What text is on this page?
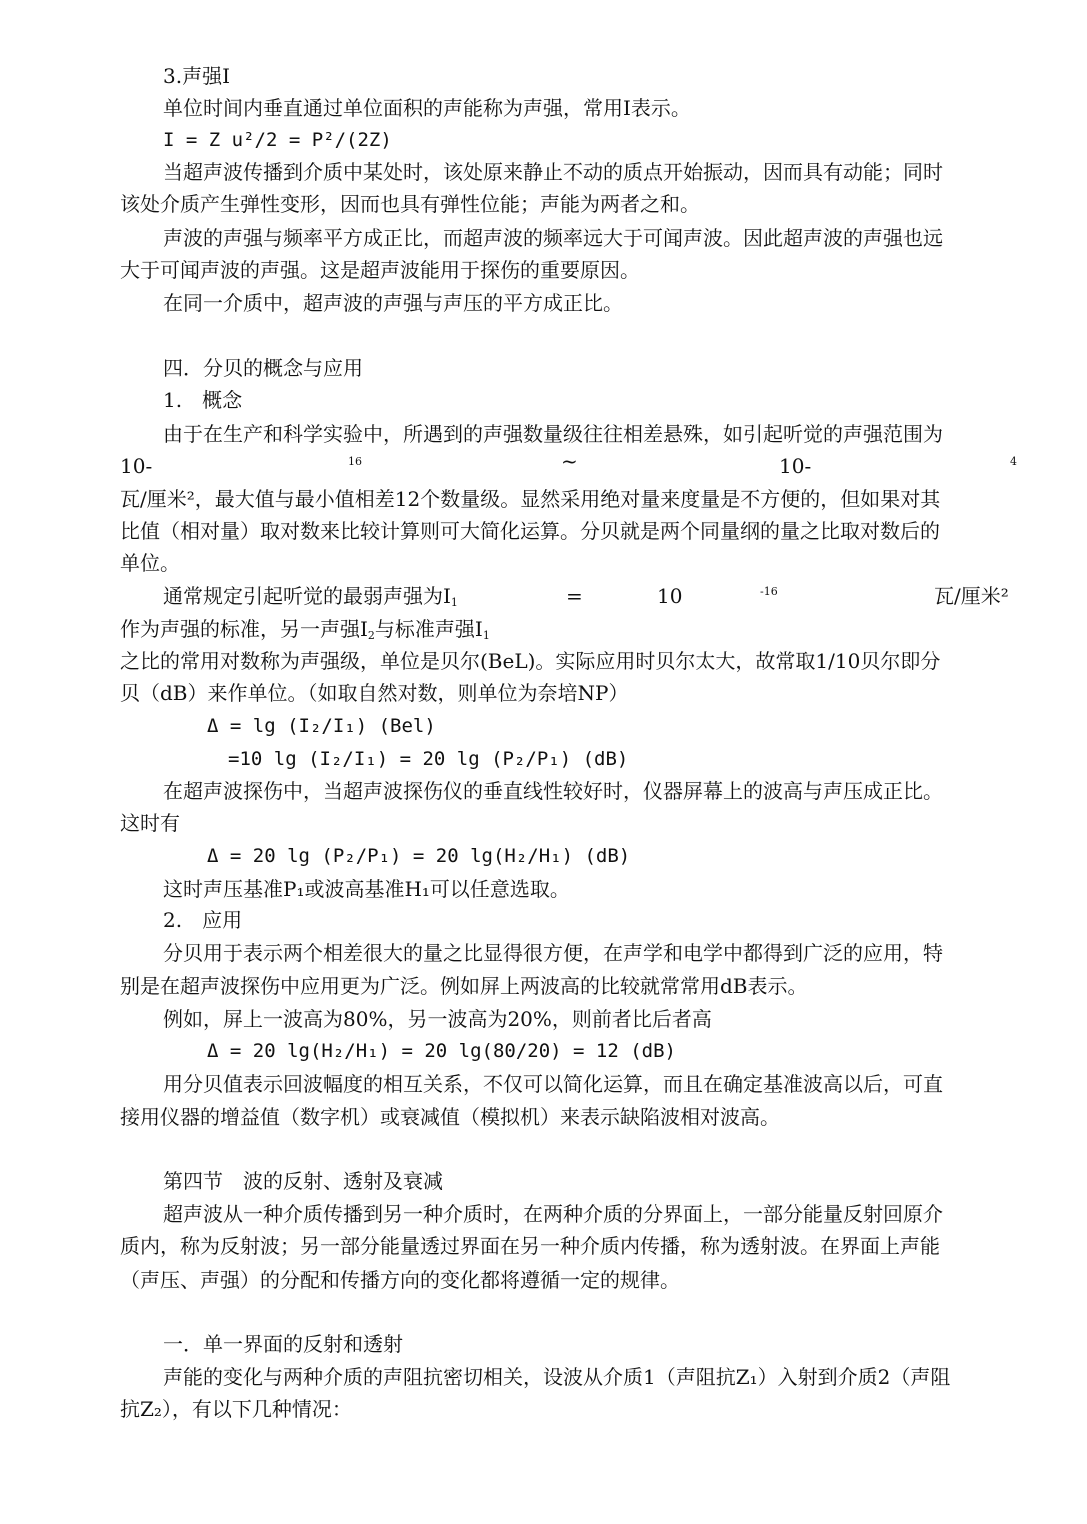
3.声强I
单位时间内垂直通过单位面积的声能称为声强，常用I表示。
I = Z u²/2 = P²/(2Z)
当超声波传播到介质中某处时，该处原来静止不动的质点开始振动，因而具有动能；同时
该处介质产生弹性变形，因而也具有弹性位能；声能为两者之和。
声波的声强与频率平方成正比，而超声波的频率远大于可闻声波。因此超声波的声强也远
大于可闻声波的声强。这是超声波能用于探伤的重要原因。
在同一介质中，超声波的声强与声压的平方成正比。
四．分贝的概念与应用
1.　概念
由于在生产和科学实验中，所遇到的声强数量级往往相差悬殊，如引起听觉的声强范围为
10-	16	~	10-	4
瓦/厘米²，最大值与最小值相差12个数量级。显然采用绝对量来度量是不方便的，但如果对其
比值（相对量）取对数来比较计算则可大简化运算。分贝就是两个同量纲的量之比取对数后的
单位。
通常规定引起听觉的最弱声强为$I_1$	=	10	-16	瓦/厘米²
作为声强的标准，另一声强$I_2$与标准声强$I_1$
之比的常用对数称为声强级，单位是贝尔(BeL)。实际应用时贝尔太大，故常取1/10贝尔即分
贝（dB）来作单位。（如取自然对数，则单位为奈培NP）
Δ = lg (I₂/I₁) (Bel)
=10 lg (I₂/I₁) = 20 lg (P₂/P₁) (dB)
在超声波探伤中，当超声波探伤仪的垂直线性较好时，仪器屏幕上的波高与声压成正比。
这时有
Δ = 20 lg (P₂/P₁) = 20 lg(H₂/H₁) (dB)
这时声压基准P₁或波高基准H₁可以任意选取。
2.　应用
分贝用于表示两个相差很大的量之比显得很方便，在声学和电学中都得到广泛的应用，特
别是在超声波探伤中应用更为广泛。例如屏上两波高的比较就常常用dB表示。
例如，屏上一波高为80%，另一波高为20%，则前者比后者高
Δ = 20 lg(H₂/H₁) = 20 lg(80/20) = 12 (dB)
用分贝值表示回波幅度的相互关系，不仅可以简化运算，而且在确定基准波高以后，可直
接用仪器的增益值（数字机）或衰减值（模拟机）来表示缺陷波相对波高。
第四节　波的反射、透射及衰减
超声波从一种介质传播到另一种介质时，在两种介质的分界面上，一部分能量反射回原介
质内，称为反射波；另一部分能量透过界面在另一种介质内传播，称为透射波。在界面上声能
（声压、声强）的分配和传播方向的变化都将遵循一定的规律。
一．单一界面的反射和透射
声能的变化与两种介质的声阻抗密切相关，设波从介质1（声阻抗Z₁）入射到介质2（声阻
抗Z₂），有以下几种情况：
